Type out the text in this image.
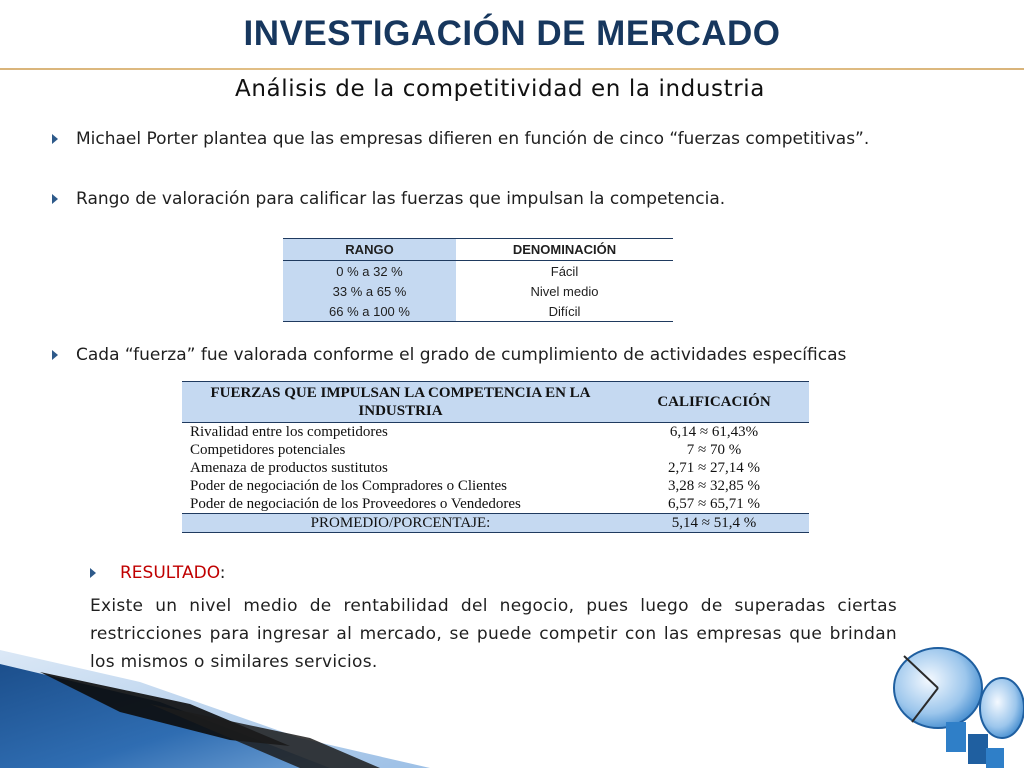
INVESTIGACIÓN DE MERCADO
Análisis de la competitividad en la industria
Michael Porter plantea que las empresas difieren en función de cinco “fuerzas competitivas”.
Rango de valoración para calificar las fuerzas que impulsan la competencia.
RANGO	DENOMINACIÓN
0 % a 32 %	Fácil
33 % a 65 %	Nivel medio
66 % a 100 %	Difícil
Cada “fuerza” fue valorada conforme el grado de cumplimiento de actividades específicas
FUERZAS QUE IMPULSAN LA COMPETENCIA EN LA INDUSTRIA	CALIFICACIÓN
Rivalidad entre los competidores	6,14 ≈ 61,43%
Competidores potenciales	7 ≈ 70 %
Amenaza de productos sustitutos	2,71 ≈ 27,14 %
Poder de negociación de los Compradores o Clientes	3,28 ≈ 32,85 %
Poder de negociación de los Proveedores o Vendedores	6,57 ≈ 65,71 %
PROMEDIO/PORCENTAJE:	5,14 ≈ 51,4 %
RESULTADO:
Existe un nivel medio de rentabilidad del negocio, pues luego de superadas ciertas restricciones para ingresar al mercado, se puede competir con las empresas que brindan los mismos o similares servicios.
